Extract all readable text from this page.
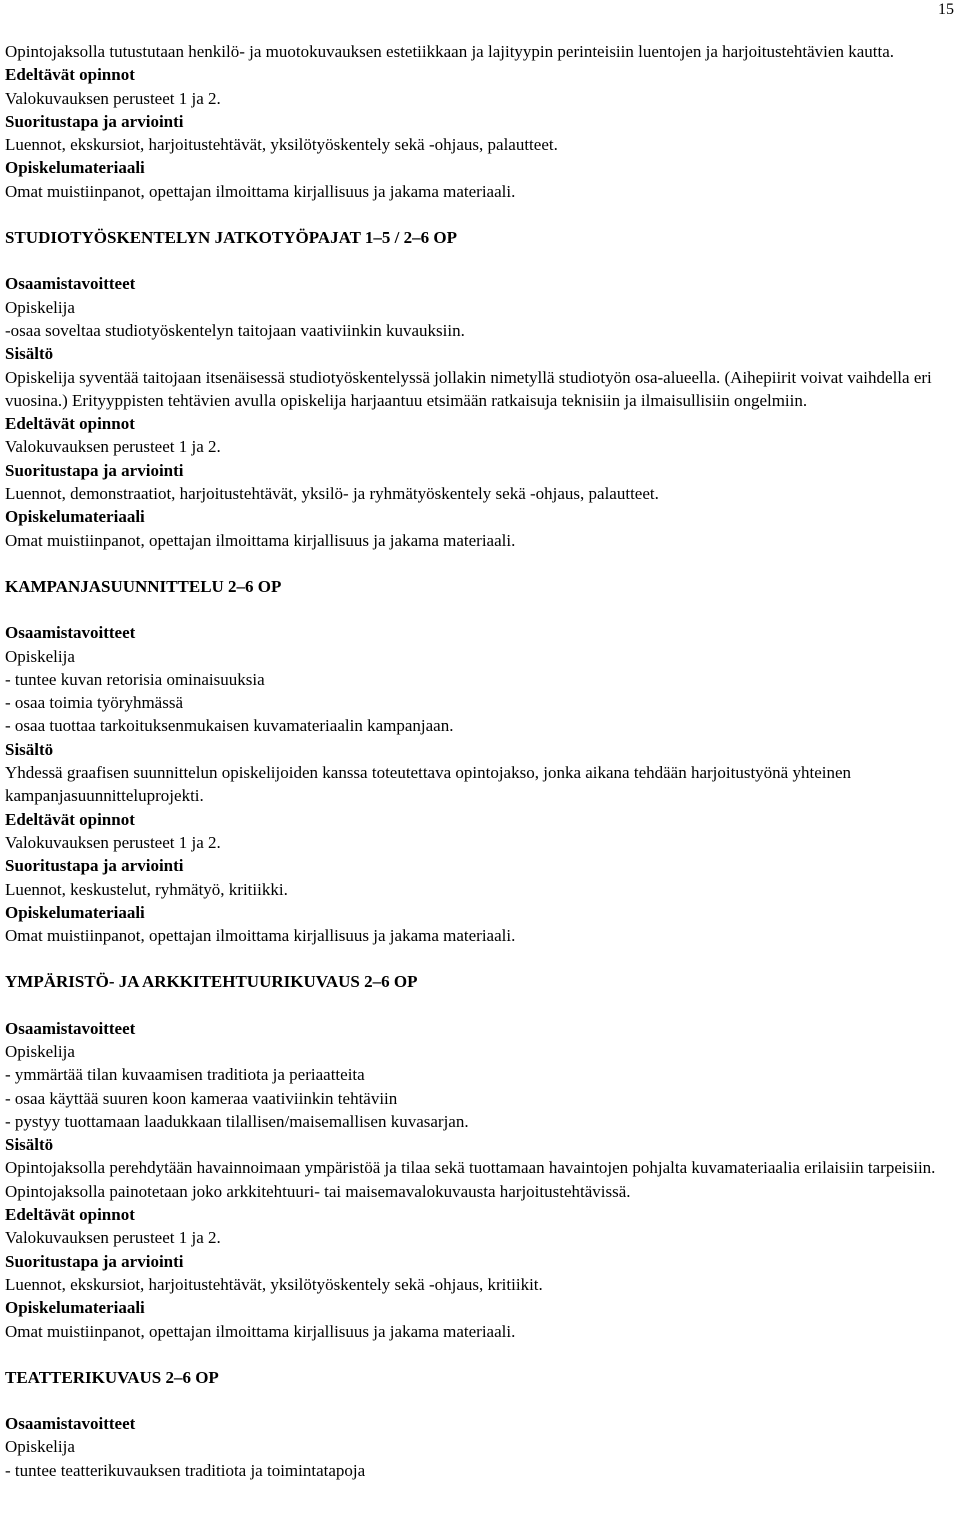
15

Opintojaksolla tutustutaan henkilö- ja muotokuvauksen estetiikkaan ja lajityypin perinteisiin luentojen ja harjoitustehtävien kautta.

Edeltävät opinnot

Valokuvauksen perusteet 1 ja 2.

Suoritustapa ja arviointi

Luennot, ekskursiot, harjoitustehtävät, yksilötyöskentely sekä -ohjaus, palautteet.

Opiskelumateriaali

Omat muistiinpanot, opettajan ilmoittama kirjallisuus ja jakama materiaali.

STUDIOTYÖSKENTELYN JATKOTYÖPAJAT 1–5 / 2–6 OP

Osaamistavoitteet

Opiskelija

-osaa soveltaa studiotyöskentelyn taitojaan vaativiinkin kuvauksiin.

Sisältö

Opiskelija syventää taitojaan itsenäisessä studiotyöskentelyssä jollakin nimetyllä studiotyön osa-alueella. (Aihepiirit voivat vaihdella eri vuosina.) Erityyppisten tehtävien avulla opiskelija harjaantuu etsimään ratkaisuja teknisiin ja ilmaisullisiin ongelmiin.

Edeltävät opinnot

Valokuvauksen perusteet 1 ja 2.

Suoritustapa ja arviointi

Luennot, demonstraatiot, harjoitustehtävät, yksilö- ja ryhmätyöskentely sekä -ohjaus, palautteet.

Opiskelumateriaali

Omat muistiinpanot, opettajan ilmoittama kirjallisuus ja jakama materiaali.

KAMPANJASUUNNITTELU 2–6 OP

Osaamistavoitteet

Opiskelija

- tuntee kuvan retorisia ominaisuuksia

- osaa toimia työryhmässä

- osaa tuottaa tarkoituksenmukaisen kuvamateriaalin kampanjaan.

Sisältö

Yhdessä graafisen suunnittelun opiskelijoiden kanssa toteutettava opintojakso, jonka aikana tehdään harjoitustyönä yhteinen kampanjasuunnitteluprojekti.

Edeltävät opinnot

Valokuvauksen perusteet 1 ja 2.

Suoritustapa ja arviointi

Luennot, keskustelut, ryhmätyö, kritiikki.

Opiskelumateriaali

Omat muistiinpanot, opettajan ilmoittama kirjallisuus ja jakama materiaali.

YMPÄRISTÖ- JA ARKKITEHTUURIKUVAUS 2–6 OP

Osaamistavoitteet

Opiskelija

- ymmärtää tilan kuvaamisen traditiota ja periaatteita

- osaa käyttää suuren koon kameraa vaativiinkin tehtäviin

- pystyy tuottamaan laadukkaan tilallisen/maisemallisen kuvasarjan.

Sisältö

Opintojaksolla perehdytään havainnoimaan ympäristöä ja tilaa sekä tuottamaan havaintojen pohjalta kuvamateriaalia erilaisiin tarpeisiin. Opintojaksolla painotetaan joko arkkitehtuuri- tai maisemavalokuvausta harjoitustehtävissä.

Edeltävät opinnot

Valokuvauksen perusteet 1 ja 2.

Suoritustapa ja arviointi

Luennot, ekskursiot, harjoitustehtävät, yksilötyöskentely sekä -ohjaus, kritiikit.

Opiskelumateriaali

Omat muistiinpanot, opettajan ilmoittama kirjallisuus ja jakama materiaali.

TEATTERIKUVAUS 2–6 OP

Osaamistavoitteet

Opiskelija

- tuntee teatterikuvauksen traditiota ja toimintatapoja
